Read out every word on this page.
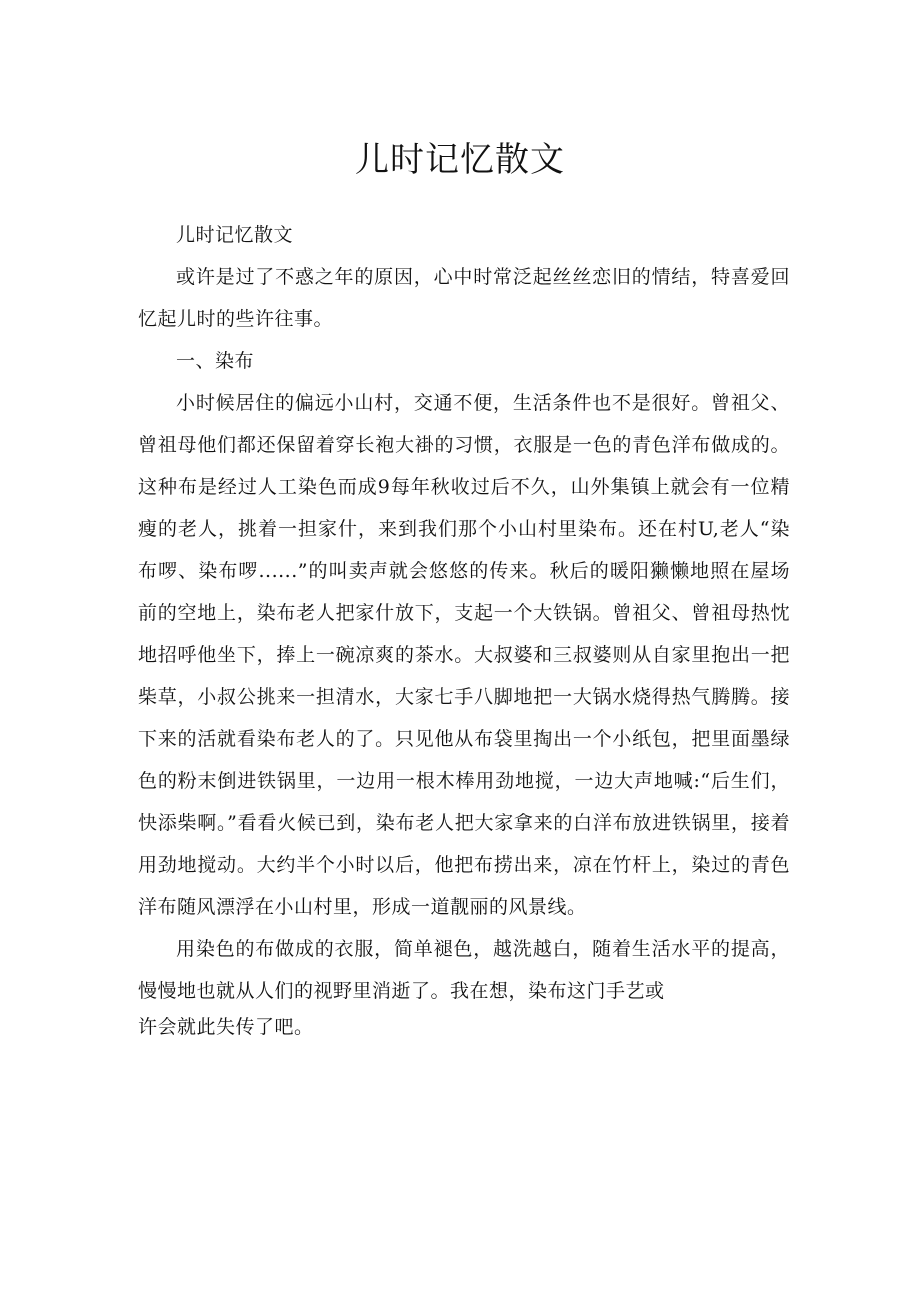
儿时记忆散文

儿时记忆散文

或许是过了不惑之年的原因，心中时常泛起丝丝恋旧的情结，特喜爱回忆起儿时的些许往事。

一、染布

小时候居住的偏远小山村，交通不便，生活条件也不是很好。曾祖父、曾祖母他们都还保留着穿长袍大褂的习惯，衣服是一色的青色洋布做成的。这种布是经过人工染色而成9每年秋收过后不久，山外集镇上就会有一位精瘦的老人，挑着一担家什，来到我们那个小山村里染布。还在村U,老人“染布啰、染布啰......”的叫卖声就会悠悠的传来。秋后的暖阳獭懒地照在屋场前的空地上，染布老人把家什放下，支起一个大铁锅。曾祖父、曾祖母热忱地招呼他坐下，捧上一碗凉爽的茶水。大叔婆和三叔婆则从自家里抱出一把柴草，小叔公挑来一担清水，大家七手八脚地把一大锅水烧得热气腾腾。接下来的活就看染布老人的了。只见他从布袋里掏出一个小纸包，把里面墨绿色的粉末倒进铁锅里，一边用一根木棒用劲地搅，一边大声地喊:“后生们，快添柴啊。”看看火候已到，染布老人把大家拿来的白洋布放进铁锅里，接着用劲地搅动。大约半个小时以后，他把布捞出来，凉在竹杆上，染过的青色洋布随风漂浮在小山村里，形成一道靓丽的风景线。

用染色的布做成的衣服，简单褪色，越洗越白，随着生活水平的提高，慢慢地也就从人们的视野里消逝了。我在想，染布这门手艺或

许会就此失传了吧。
